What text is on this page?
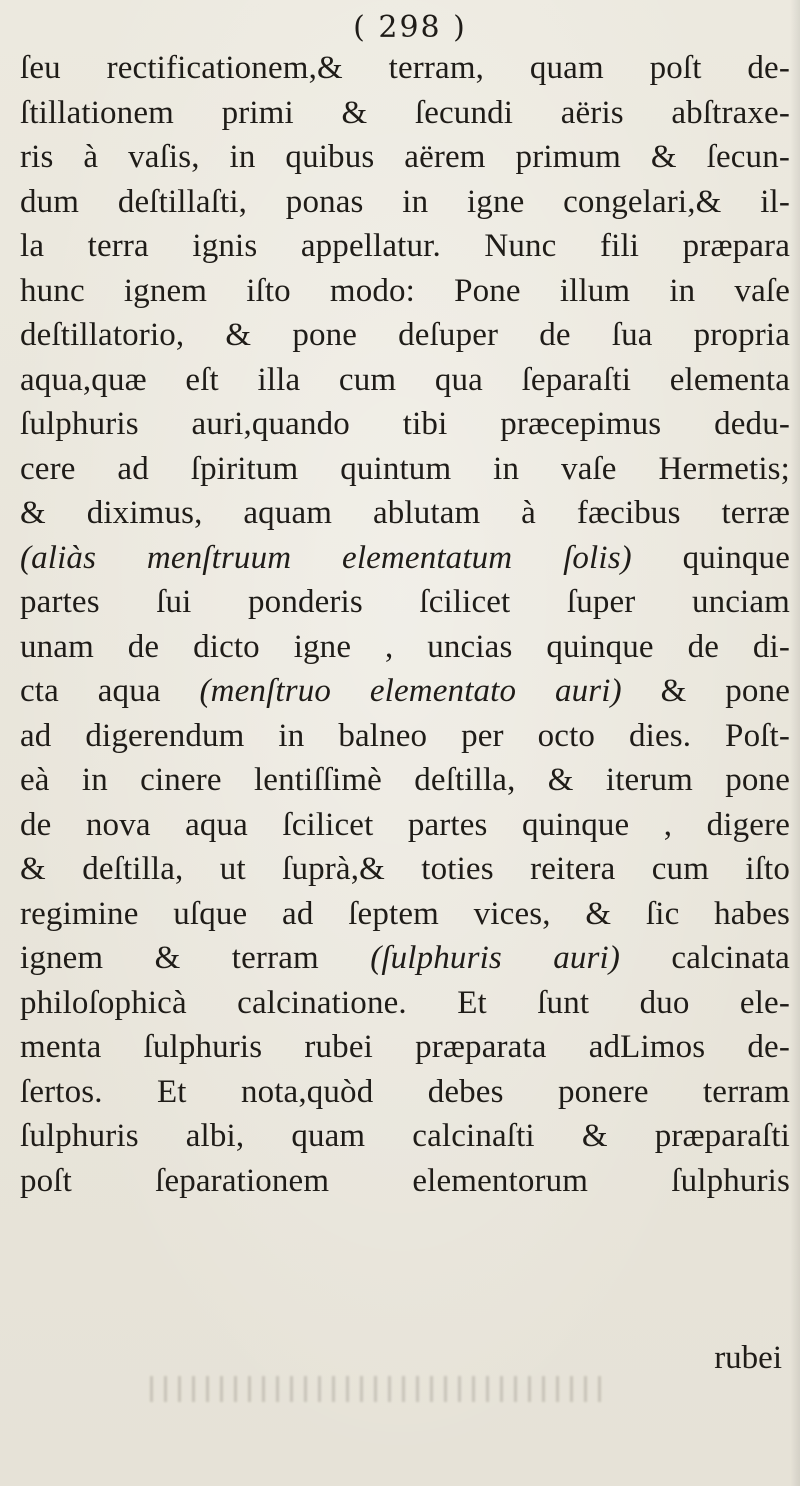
( 298 )
ſeu rectificationem,& terram, quam poſt de-
ſtillationem primi & ſecundi aëris abſtraxe-
ris à vaſis, in quibus aërem primum & ſecun-
dum deſtillaſti, ponas in igne congelari,& il-
la terra ignis appellatur. Nunc fili præpara
hunc ignem iſto modo: Pone illum in vaſe
deſtillatorio, & pone deſuper de ſua propria
aqua,quæ eſt illa cum qua ſeparaſti elementa
ſulphuris auri,quando tibi præcepimus dedu-
cere ad ſpiritum quintum in vaſe Hermetis;
& diximus, aquam ablutam à fæcibus terræ
(aliàs menſtruum elementatum ſolis) quinque
partes ſui ponderis ſcilicet ſuper unciam
unam de dicto igne , uncias quinque de di-
cta aqua (menſtruo elementato auri) & pone
ad digerendum in balneo per octo dies. Poſt-
eà in cinere lentiſſimè deſtilla, & iterum pone
de nova aqua ſcilicet partes quinque , digere
& deſtilla, ut ſuprà,& toties reitera cum iſto
regimine uſque ad ſeptem vices, & ſic habes
ignem & terram (ſulphuris auri) calcinata
philoſophicà calcinatione. Et ſunt duo ele-
menta ſulphuris rubei præparata adLimos de-
ſertos. Et nota,quòd debes ponere terram
ſulphuris albi, quam calcinaſti & præparaſti
poſt ſeparationem elementorum ſulphuris
rubei
